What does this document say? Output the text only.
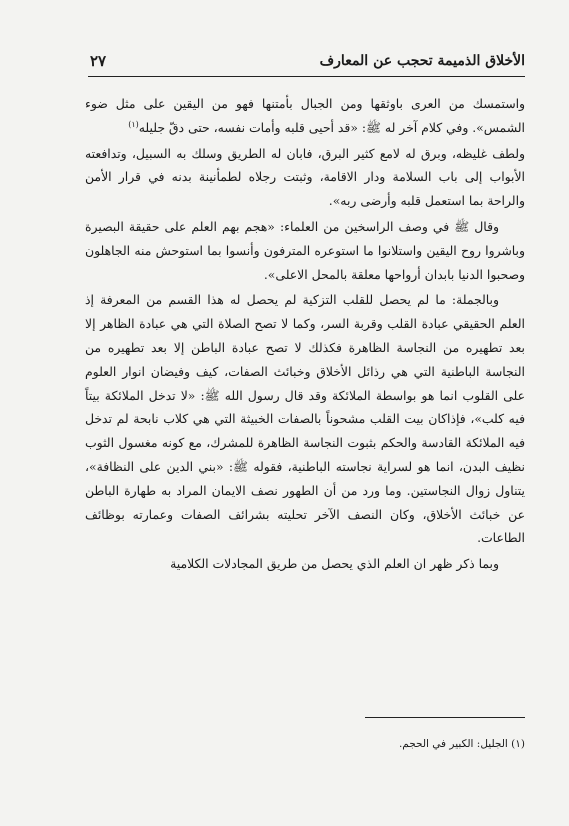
الأخلاق الذميمة تحجب عن المعارف
٢٧

واستمسك من العرى باوثقها ومن الجبال بأمتنها فهو من اليقين على مثل ضوء الشمس». وفي كلام آخر له ﷺ: «قد أحيى قلبه وأمات نفسه، حتى دقّ جليله$^{(١)}$

ولطف غليظه، وبرق له لامع كثير البرق، فابان له الطريق وسلك به السبيل، وتدافعته الأبواب إلى باب السلامة ودار الاقامة، وثبتت رجلاه لطمأنينة بدنه في قرار الأمن والراحة بما استعمل قلبه وأرضى ربه».

وقال ﷺ في وصف الراسخين من العلماء: «هجم بهم العلم على حقيقة البصيرة وباشروا روح اليقين واستلانوا ما استوعره المترفون وأنسوا بما استوحش منه الجاهلون وصحبوا الدنيا بابدان أرواحها معلقة بالمحل الاعلى».

وبالجملة: ما لم يحصل للقلب التزكية لم يحصل له هذا القسم من المعرفة إذ العلم الحقيقي عبادة القلب وقربة السر، وكما لا تصح الصلاة التي هي عبادة الظاهر إلا بعد تطهيره من النجاسة الظاهرة فكذلك لا تصح عبادة الباطن إلا بعد تطهيره من النجاسة الباطنية التي هي رذائل الأخلاق وخبائث الصفات، كيف وفيضان انوار العلوم على القلوب انما هو بواسطة الملائكة وقد قال رسول الله ﷺ: «لا تدخل الملائكة بيتاً فيه كلب»، فإذاكان بيت القلب مشحوناً بالصفات الخبيثة التي هي كلاب نابحة لم تدخل فيه الملائكة القادسة والحكم بثبوت النجاسة الظاهرة للمشرك، مع كونه مغسول الثوب نظيف البدن، انما هو لسراية نجاسته الباطنية، فقوله ﷺ: «بني الدين على النظافة»، يتناول زوال النجاستين. وما ورد من أن الطهور نصف الايمان المراد به طهارة الباطن عن خبائث الأخلاق، وكان النصف الآخر تحليته بشرائف الصفات وعمارته بوظائف الطاعات.

وبما ذكر ظهر ان العلم الذي يحصل من طريق المجادلات الكلامية

(١) الجليل: الكبير في الحجم.
